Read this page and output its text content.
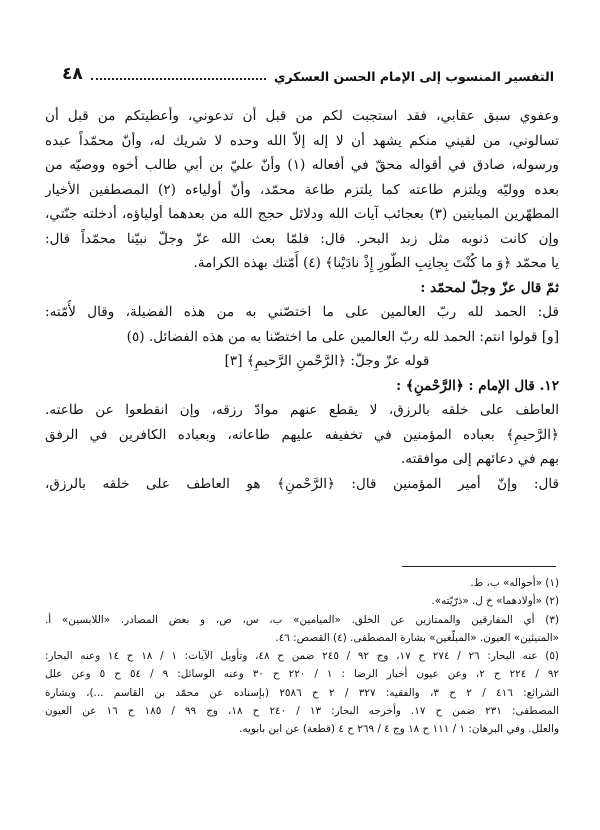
التفسير المنسوب إلى الإمام الحسن العسكري
٤٨
وعفوي سبق عقابي، فقد استجبت لكم من قبل أن تدعوني، وأعطيتكم من قبل أن
تسالوني، من لقيني منكم يشهد أن لا إله إلاّ الله وحده لا شريك له، وأنّ محمّداً عبده
ورسوله، صادق في أقواله محقّ في أفعاله (١) وأنّ عليّ بن أبي طالب أخوه ووصيّه من
بعده ووليّه ويلتزم طاعته كما يلتزم طاعة محمّد، وأنّ أولياءه (٢) المصطفين الأخيار
المطهّرين المباينين (٣) بعجائب آيات الله ودلائل حجج الله من بعدهما أولياؤه، أدخلته جنّتي،
وإن كانت ذنوبه مثل زبد البحر. قال: فلمّا بعث الله عزّ وجلّ نبيّنا محمّداً قال:
يا محمّد ﴿وَ ما كُنْتَ بِجانِبِ الطّورِ إِذْ نادَيْنا﴾ (٤) أُمّتك بهذه الكرامة.
ثمّ قال عزّ وجلّ لمحمّد :
قل: الحمد لله ربّ العالمين على ما اختصّني به من هذه الفضيلة، وقال لأُمّته:
[و] قولوا انتم: الحمد لله ربّ العالمين على ما اختصّنا به من هذه الفضائل. (٥)
قوله عزّ وجلّ: ﴿الرَّحْمنِ الرَّحيمِ﴾ [٣]
١٢. قال الإمام : ﴿الرَّحْمنِ﴾ :
العاطف على خلقه بالرزق، لا يقطع عنهم موادّ رزقه، وإن انقطعوا عن طاعته.
﴿الرَّحيمِ﴾ بعباده المؤمنين في تخفيفه عليهم طاعاته، وبعباده الكافرين في الرفق
بهم في دعائهم إلى موافقته.
قال: وإنّ أمير المؤمنين قال: ﴿الرَّحْمنِ﴾ هو العاطف على خلقه بالرزق،
(١) «أحواله» ب، ط.
(٢) «أولادهما» خ ل. «ذرّيّته».
(٣) أي المفارقين والممتازين عن الخلق. «الميامين» ب، س، ص، و بعض المصادر. «اللابسين» أ.
«المنيئين» العيون. «المبلّغين» بشارة المصطفى. (٤) القصص: ٤٦.
(٥) عنه البحار: ٢٦ / ٢٧٤ ح ١٧، وج ٩٢ / ٢٤٥ ضمن ح ٤٨، وتأويل الآيات: ١ / ١٨ ح ١٤ وعنه البحار:
٩٢ / ٢٢٤ ح ٢، وعن عيون أخبار الرضا : ١ / ٢٢٠ ح ٣٠ وعنه الوسائل: ٩ / ٥٤ ح ٥ وعن علل
الشرائع: ٤١٦ / ٢ ح ٣، والفقيه: ٣٢٧ / ٢ ح ٢٥٨٦ (بإسناده عن محمّد بن القاسم ...)، وبشارة
المصطفى: ٢٣١ ضمن ح ١٧. وأخرجه البحار: ١٣ / ٢٤٠ ح ١٨، وج ٩٩ / ١٨٥ ح ١٦ عن العيون
والعلل. وفي البرهان: ١ / ١١١ ح ١٨ وج ٤ / ٢٦٩ ح ٤ (قطعة) عن ابن بابويه.
